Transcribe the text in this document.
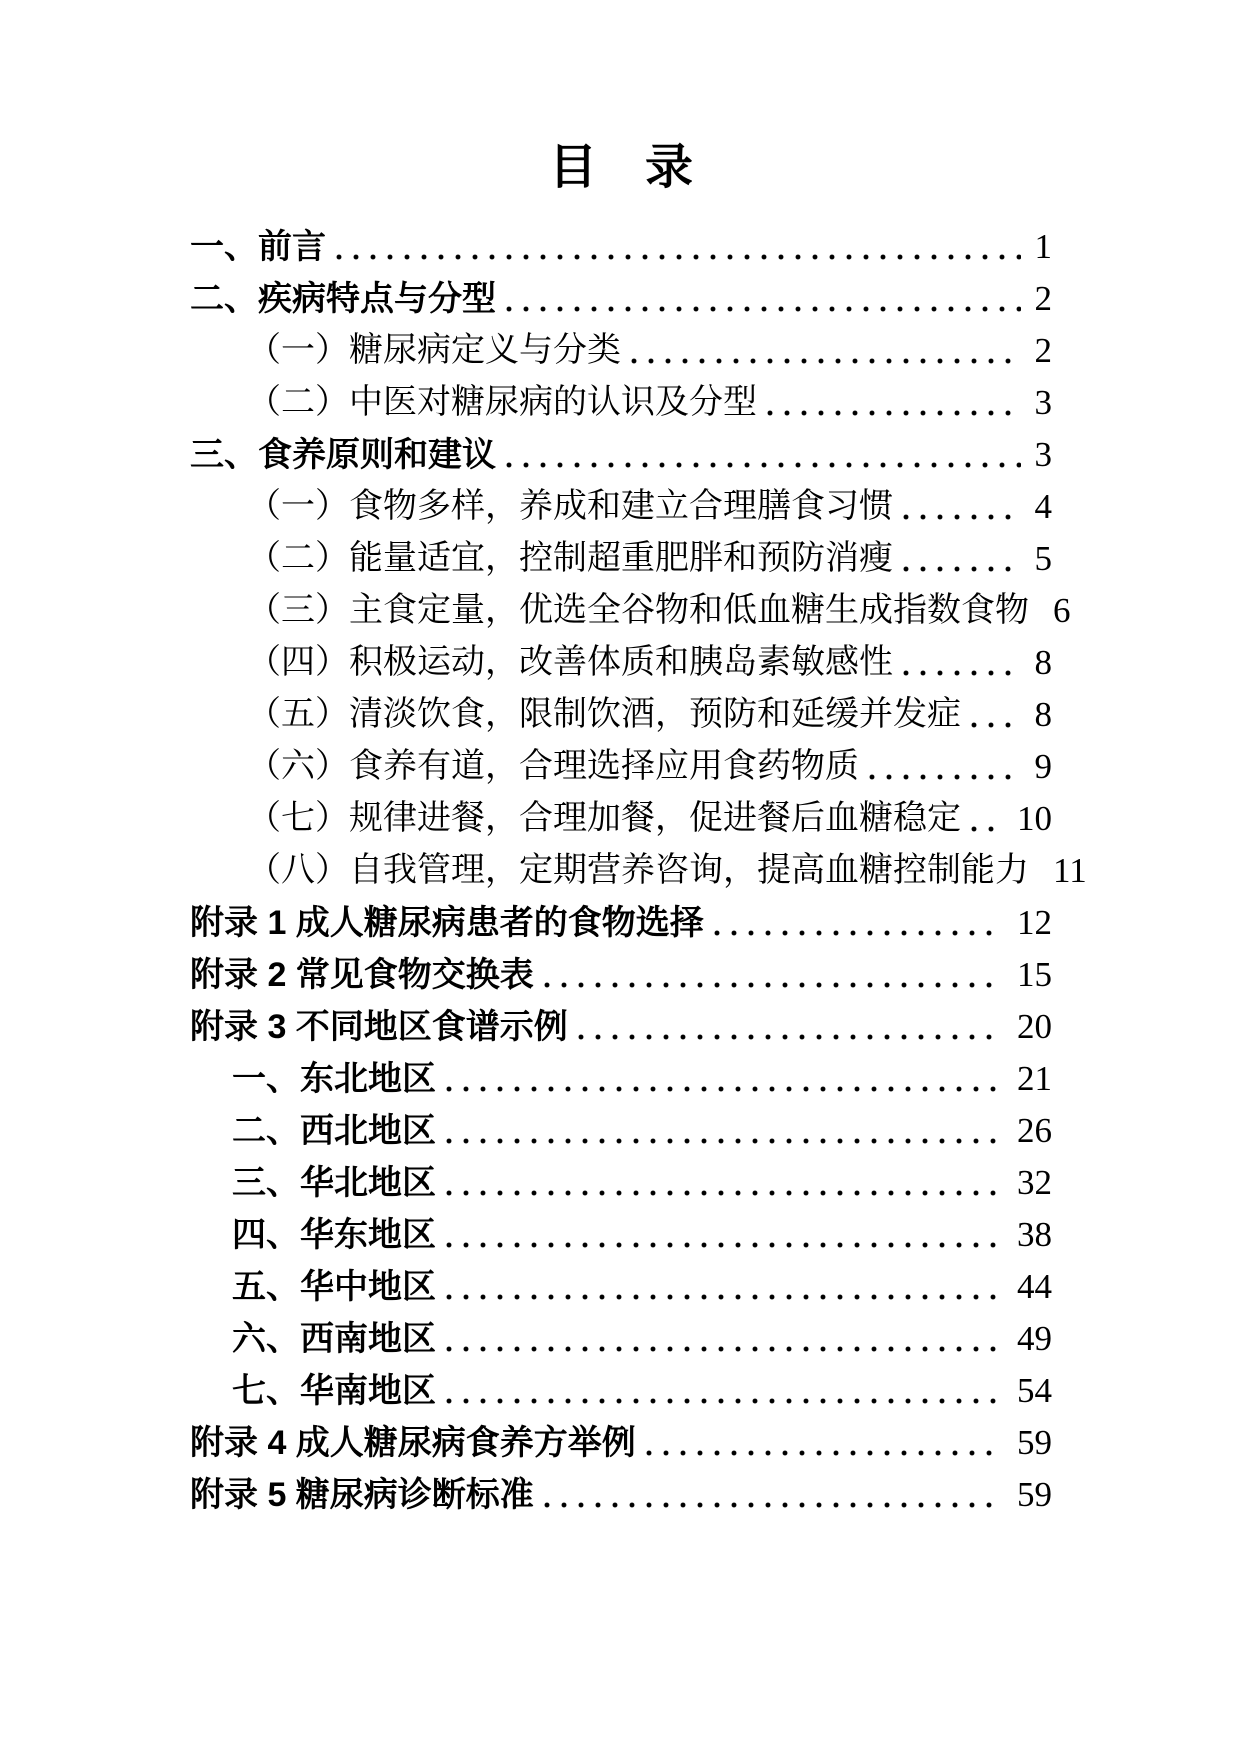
目　录
一、前言	1
二、疾病特点与分型	2
（一）糖尿病定义与分类	2
（二）中医对糖尿病的认识及分型	3
三、食养原则和建议	3
（一）食物多样，养成和建立合理膳食习惯	4
（二）能量适宜，控制超重肥胖和预防消瘦	5
（三）主食定量，优选全谷物和低血糖生成指数食物 6
（四）积极运动，改善体质和胰岛素敏感性	8
（五）清淡饮食，限制饮酒，预防和延缓并发症 8
（六）食养有道，合理选择应用食药物质	9
（七）规律进餐，合理加餐，促进餐后血糖稳定 10
（八）自我管理，定期营养咨询，提高血糖控制能力 11
附录 1 成人糖尿病患者的食物选择	12
附录 2 常见食物交换表	15
附录 3 不同地区食谱示例	20
一、东北地区	21
二、西北地区	26
三、华北地区	32
四、华东地区	38
五、华中地区	44
六、西南地区	49
七、华南地区	54
附录 4 成人糖尿病食养方举例	59
附录 5 糖尿病诊断标准	59
